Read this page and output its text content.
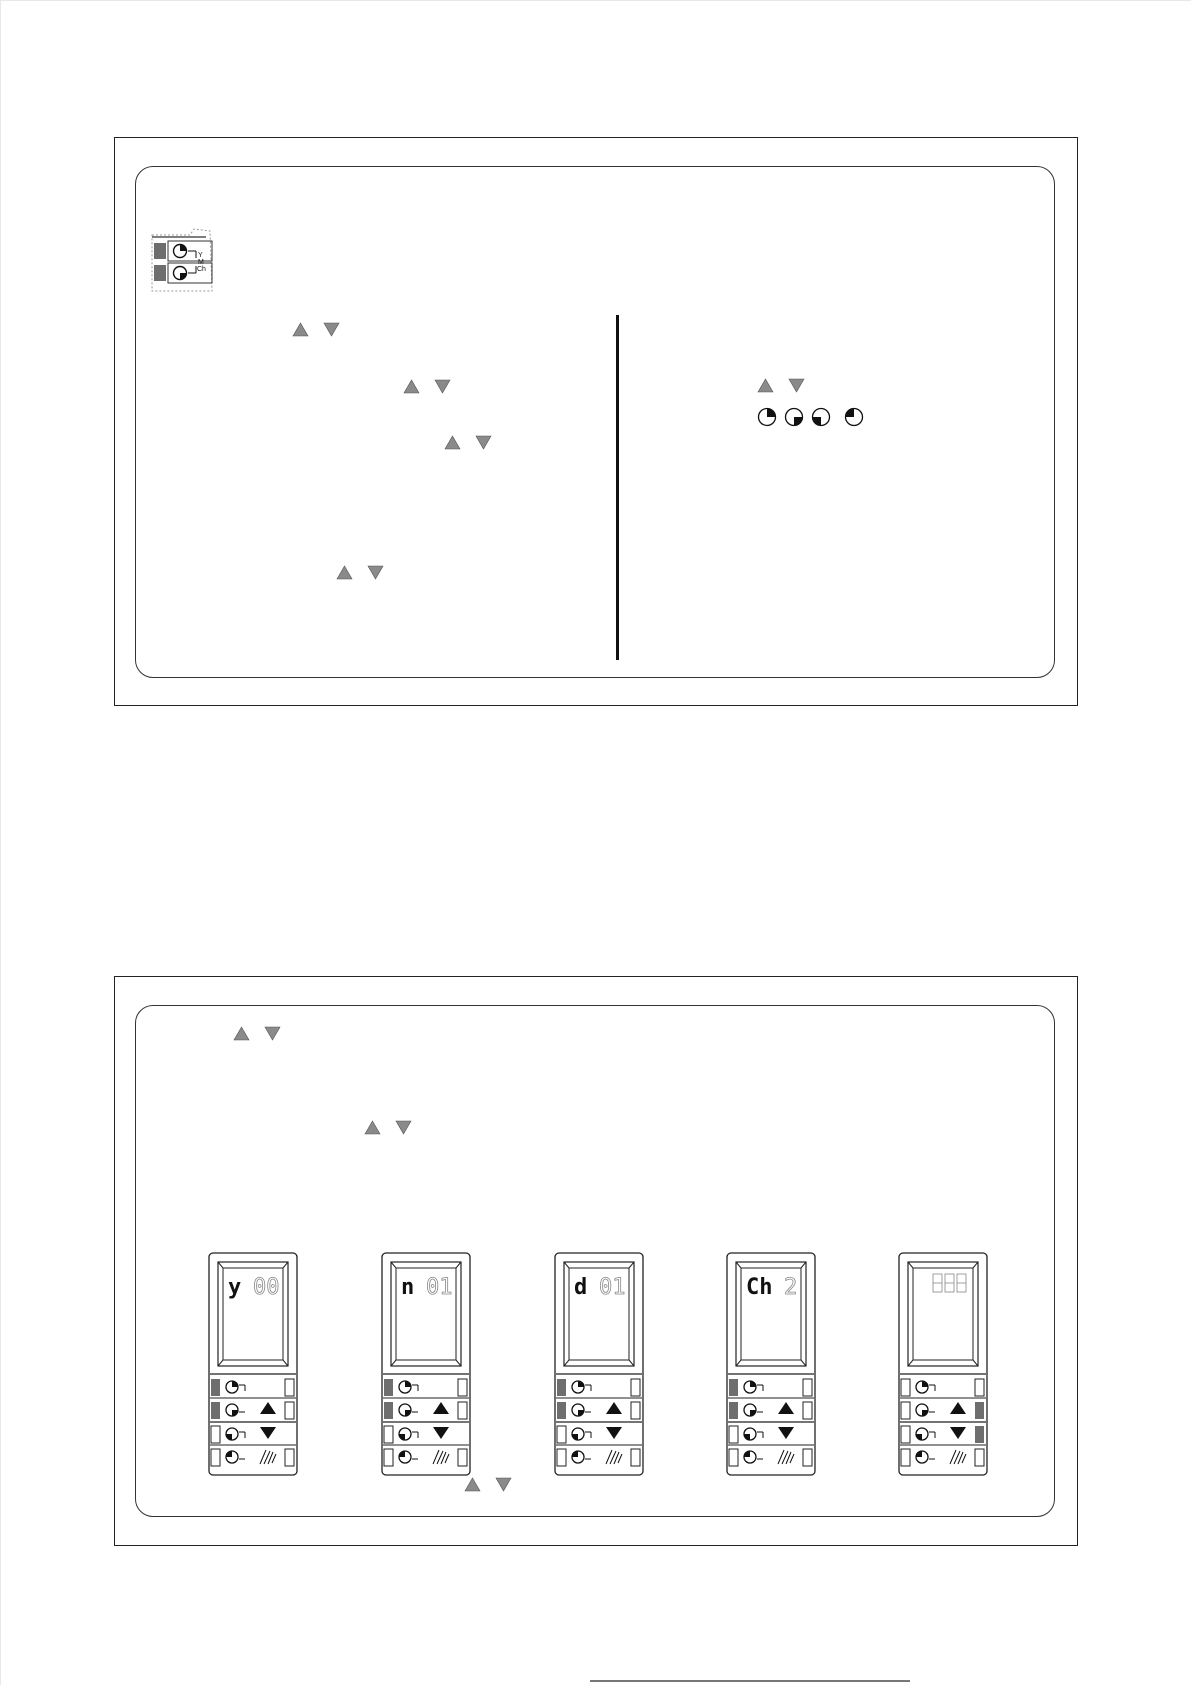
Y
M
Ch
y 00	n 01	d 01	Ch 2
